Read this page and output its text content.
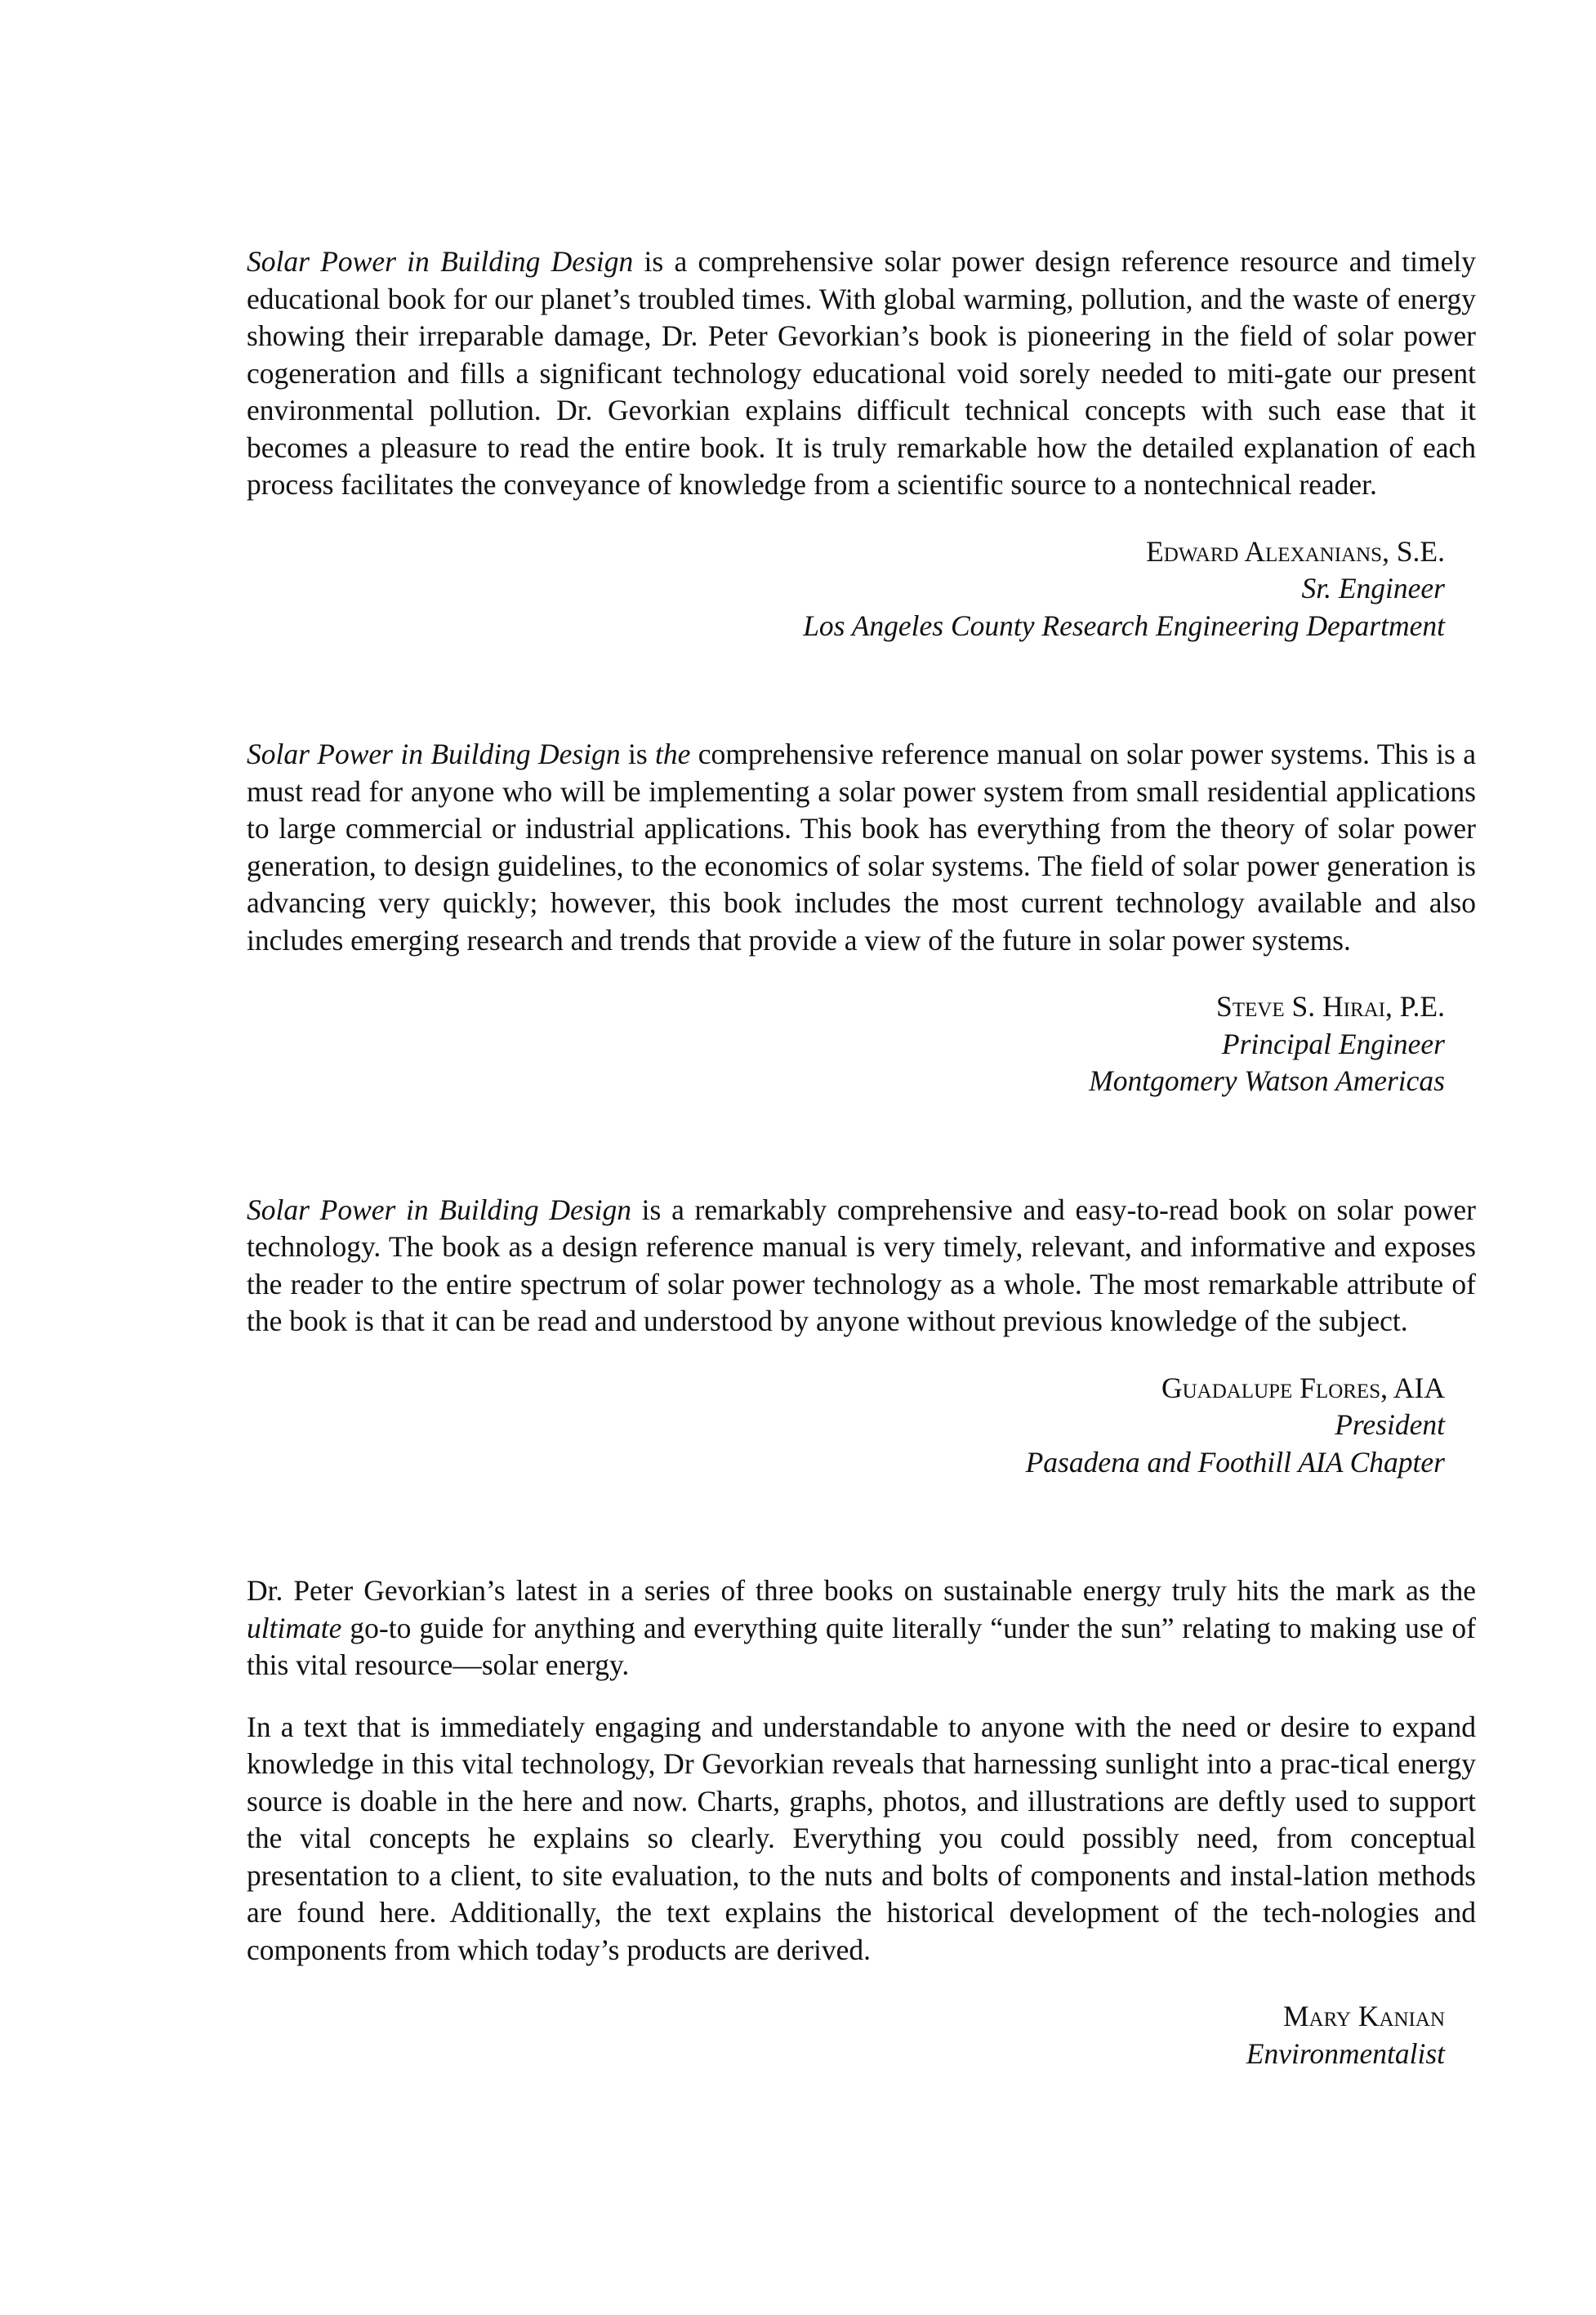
Solar Power in Building Design is a comprehensive solar power design reference resource and timely educational book for our planet’s troubled times. With global warming, pollution, and the waste of energy showing their irreparable damage, Dr. Peter Gevorkian’s book is pioneering in the field of solar power cogeneration and fills a significant technology educational void sorely needed to miti-gate our present environmental pollution. Dr. Gevorkian explains difficult technical concepts with such ease that it becomes a pleasure to read the entire book. It is truly remarkable how the detailed explanation of each process facilitates the conveyance of knowledge from a scientific source to a nontechnical reader.

Edward Alexanians, S.E.
Sr. Engineer
Los Angeles County Research Engineering Department

Solar Power in Building Design is the comprehensive reference manual on solar power systems. This is a must read for anyone who will be implementing a solar power system from small residential applications to large commercial or industrial applications. This book has everything from the theory of solar power generation, to design guidelines, to the economics of solar systems. The field of solar power generation is advancing very quickly; however, this book includes the most current technology available and also includes emerging research and trends that provide a view of the future in solar power systems.

Steve S. Hirai, P.E.
Principal Engineer
Montgomery Watson Americas

Solar Power in Building Design is a remarkably comprehensive and easy-to-read book on solar power technology. The book as a design reference manual is very timely, relevant, and informative and exposes the reader to the entire spectrum of solar power technology as a whole. The most remarkable attribute of the book is that it can be read and understood by anyone without previous knowledge of the subject.

Guadalupe Flores, AIA
President
Pasadena and Foothill AIA Chapter

Dr. Peter Gevorkian’s latest in a series of three books on sustainable energy truly hits the mark as the ultimate go-to guide for anything and everything quite literally “under the sun” relating to making use of this vital resource—solar energy.

In a text that is immediately engaging and understandable to anyone with the need or desire to expand knowledge in this vital technology, Dr Gevorkian reveals that harnessing sunlight into a prac-tical energy source is doable in the here and now. Charts, graphs, photos, and illustrations are deftly used to support the vital concepts he explains so clearly. Everything you could possibly need, from conceptual presentation to a client, to site evaluation, to the nuts and bolts of components and instal-lation methods are found here. Additionally, the text explains the historical development of the tech-nologies and components from which today’s products are derived.

Mary Kanian
Environmentalist
